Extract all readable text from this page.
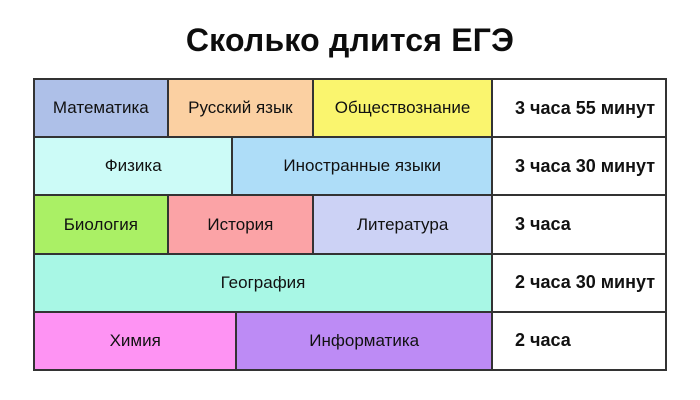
Сколько длится ЕГЭ
Математика	Русский язык	Обществознание	3 часа 55 минут
Физика	Иностранные языки	3 часа 30 минут
Биология	История	Литература	3 часа
География	2 часа 30 минут
Химия	Информатика	2 часа
